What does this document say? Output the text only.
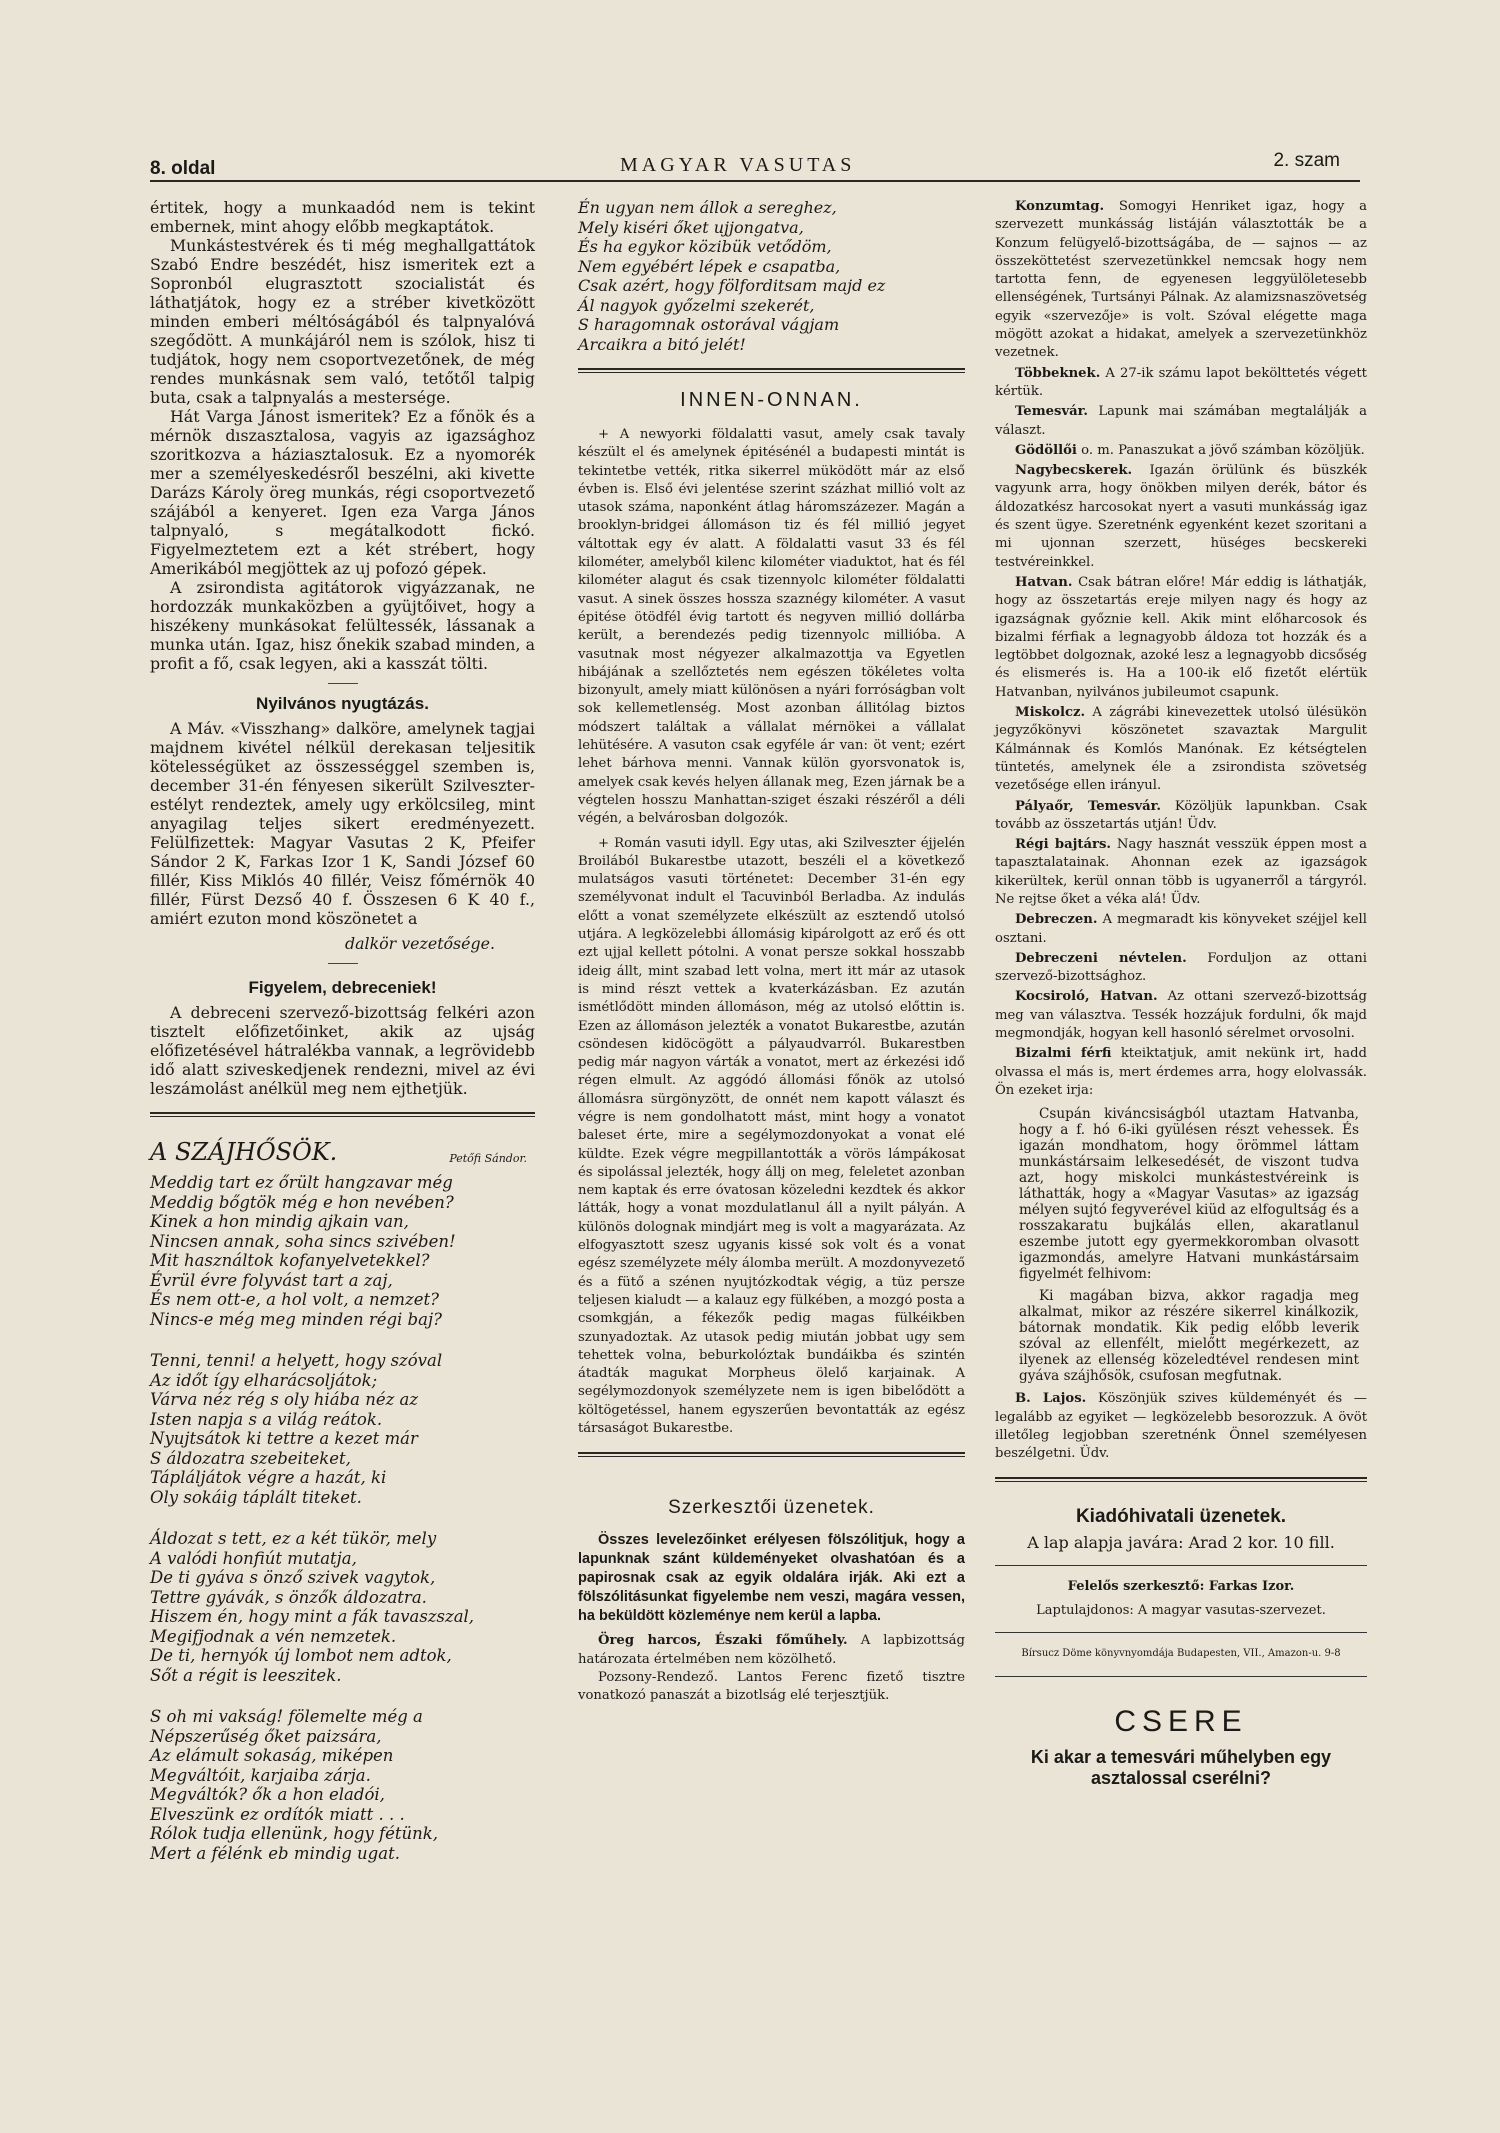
8. oldal	MAGYAR VASUTAS	2. szam

értitek, hogy a munkaadód nem is tekint embernek, mint ahogy előbb megkaptátok.

Munkástestvérek és ti még meghallgattátok Szabó Endre beszédét, hisz ismeritek ezt a Sopronból elugrasztott szocialistát és láthatjátok, hogy ez a stréber kivetközött minden emberi méltóságából és talpnyalóvá szegődött. A munkájáról nem is szólok, hisz ti tudjátok, hogy nem csoportvezetőnek, de még rendes munkásnak sem való, tetőtől talpig buta, csak a talpnyalás a mestersége.

Hát Varga Jánost ismeritek? Ez a főnök és a mérnök dıszasztalosa, vagyis az igazsághoz szoritkozva a háziasztalosuk. Ez a nyomorék mer a személyeskedésről beszélni, aki kivette Darázs Károly öreg munkás, régi csoportvezető szájából a kenyeret. Igen eza Varga János talpnyaló, s megátalkodott fickó. Figyelmeztetem ezt a két strébert, hogy Amerikából megjöttek az uj pofozó gépek.

A zsirondista agitátorok vigyázzanak, ne hordozzák munkaközben a gyüjtőivet, hogy a hiszékeny munkásokat felültessék, lássanak a munka után. Igaz, hisz őnekik szabad minden, a profit a fő, csak legyen, aki a kasszát tölti.

Nyilvános nyugtázás.

A Máv. «Visszhang» dalköre, amelynek tagjai majdnem kivétel nélkül derekasan teljesitik kötelességüket az összességgel szemben is, december 31-én fényesen sikerült Szilveszter-estélyt rendeztek, amely ugy erkölcsileg, mint anyagilag teljes sikert eredményezett. Felülfizettek: Magyar Vasutas 2 K, Pfeifer Sándor 2 K, Farkas Izor 1 K, Sandi József 60 fillér, Kiss Miklós 40 fillér, Veisz főmérnök 40 fillér, Fürst Dezső 40 f. Összesen 6 K 40 f., amiért ezuton mond köszönetet a

dalkör vezetősége.
Figyelem, debreceniek!

A debreceni szervező-bizottság felkéri azon tisztelt előfizetőinket, akik az ujság előfizetésével hátralékba vannak, a legrövidebb idő alatt sziveskedjenek rendezni, mivel az évi leszámolást anélkül meg nem ejthetjük.

A SZÁJHŐSÖK.	Petőfi Sándor.
Meddig tart ez őrült hangzavar még
Meddig bőgtök még e hon nevében?
Kinek a hon mindig ajkain van,
Nincsen annak, soha sincs szivében!
Mit használtok kofanyelvetekkel?
Évrül évre folyvást tart a zaj,
És nem ott-e, a hol volt, a nemzet?
Nincs-e még meg minden régi baj?
Tenni, tenni! a helyett, hogy szóval
Az időt így elharácsoljátok;
Várva néz rég s oly hiába néz az
Isten napja s a világ reátok.
Nyujtsátok ki tettre a kezet már
S áldozatra szebeiteket,
Tápláljátok végre a hazát, ki
Oly sokáig táplált titeket.
Áldozat s tett, ez a két tükör, mely
A valódi honfiút mutatja,
De ti gyáva s önző szivek vagytok,
Tettre gyávák, s önzők áldozatra.
Hiszem én, hogy mint a fák tavaszszal,
Megifjodnak a vén nemzetek.
De ti, hernyók új lombot nem adtok,
Sőt a régit is leeszitek.
S oh mi vakság! fölemelte még a
Népszerűség őket paizsára,
Az elámult sokaság, miképen
Megváltóit, karjaiba zárja.
Megváltók? ők a hon eladói,
Elveszünk ez ordítók miatt . . .
Rólok tudja ellenünk, hogy fétünk,
Mert a félénk eb mindig ugat.
Én ugyan nem állok a sereghez,
Mely kiséri őket ujjongatva,
És ha egykor közibük vetődöm,
Nem egyébért lépek e csapatba,
Csak azért, hogy fölforditsam majd ez
Ál nagyok győzelmi szekerét,
S haragomnak ostorával vágjam
Arcaikra a bitó jelét!
INNEN-ONNAN.

+ A newyorki földalatti vasut, amely csak tavaly készült el és amelynek épitésénél a budapesti mintát is tekintetbe vették, ritka sikerrel müködött már az első évben is. Első évi jelentése szerint százhat millió volt az utasok száma, naponként átlag háromszázezer. Magán a brooklyn-bridgei állomáson tiz és fél millió jegyet váltottak egy év alatt. A földalatti vasut 33 és fél kilométer, amelyből kilenc kilométer viaduktot, hat és fél kilométer alagut és csak tizennyolc kilométer földalatti vasut. A sinek összes hossza szaznégy kilométer. A vasut épitése ötödfél évig tartott és negyven millió dollárba került, a berendezés pedig tizennyolc millióba. A vasutnak most négyezer alkalmazottja va Egyetlen hibájának a szellőztetés nem egészen tökéletes volta bizonyult, amely miatt különösen a nyári forróságban volt sok kellemetlenség. Most azonban állitólag biztos módszert találtak a vállalat mérnökei a vállalat lehütésére. A vasuton csak egyféle ár van: öt vent; ezért lehet bárhova menni. Vannak külön gyorsvonatok is, amelyek csak kevés helyen állanak meg, Ezen járnak be a végtelen hosszu Manhattan-sziget északi részéről a déli végén, a belvárosban dolgozók.

+ Román vasuti idyll. Egy utas, aki Szilveszter éjjelén Broilából Bukarestbe utazott, beszéli el a következő mulatságos vasuti történetet: December 31-én egy személyvonat indult el Tacuvinból Berladba. Az indulás előtt a vonat személyzete elkészült az esztendő utolsó utjára. A legközelebbi állomásig kipárolgott az erő és ott ezt ujjal kellett pótolni. A vonat persze sokkal hosszabb ideig állt, mint szabad lett volna, mert itt már az utasok is mind részt vettek a kvaterkázásban. Ez azután ismétlődött minden állomáson, még az utolsó előttin is. Ezen az állomáson jelezték a vonatot Bukarestbe, azután csöndesen kidöcögött a pályaudvarról. Bukarestben pedig már nagyon várták a vonatot, mert az érkezési idő régen elmult. Az aggódó állomási főnök az utolsó állomásra sürgönyzött, de onnét nem kapott választ és végre is nem gondolhatott mást, mint hogy a vonatot baleset érte, mire a segélymozdonyokat a vonat elé küldte. Ezek végre megpillantották a vörös lámpákosat és sipolással jelezték, hogy állj on meg, feleletet azonban nem kaptak és erre óvatosan közeledni kezdtek és akkor látták, hogy a vonat mozdulatlanul áll a nyilt pályán. A különös dolognak mindjárt meg is volt a magyarázata. Az elfogyasztott szesz ugyanis kissé sok volt és a vonat egész személyzete mély álomba merült. A mozdonyvezető és a fütő a szénen nyujtózkodtak végig, a tüz persze teljesen kialudt — a kalauz egy fülkében, a mozgó posta a csomkgján, a fékezők pedig magas fülkéikben szunyadoztak. Az utasok pedig miután jobbat ugy sem tehettek volna, beburkolóztak bundáikba és szintén átadták magukat Morpheus ölelő karjainak. A segélymozdonyok személyzete nem is igen bibelődött a költögetéssel, hanem egyszerűen bevontatták az egész társaságot Bukarestbe.

Szerkesztői üzenetek.

Összes levelezőinket erélyesen fölszólitjuk, hogy a lapunknak szánt küldeményeket olvashatóan és a papirosnak csak az egyik oldalára irják. Aki ezt a fölszólitásunkat figyelembe nem veszi, magára vessen, ha beküldött közleménye nem kerül a lapba.

Öreg harcos, Északi főműhely. A lapbizottság határozata értelmében nem közölhető.

Pozsony-Rendező. Lantos Ferenc fizető tisztre vonatkozó panaszát a bizotlság elé terjesztjük.

Konzumtag. Somogyi Henriket igaz, hogy a szervezett munkásság listáján választották be a Konzum felügyelő-bizottságába, de — sajnos — az összeköttetést szervezetünkkel nemcsak hogy nem tartotta fenn, de egyenesen leggyülöletesebb ellenségének, Turtsányi Pálnak. Az alamizsnaszövetség egyik «szervezője» is volt. Szóval elégette maga mögött azokat a hidakat, amelyek a szervezetünkhöz vezetnek.

Többeknek. A 27-ik számu lapot bekölttetés végett kértük.

Temesvár. Lapunk mai számában megtalálják a választ.

Gödöllői o. m. Panaszukat a jövő számban közöljük.

Nagybecskerek. Igazán örülünk és büszkék vagyunk arra, hogy önökben milyen derék, bátor és áldozatkész harcosokat nyert a vasuti munkásság igaz és szent ügye. Szeretnénk egyenként kezet szoritani a mi ujonnan szerzett, hüséges becskereki testvéreinkkel.

Hatvan. Csak bátran előre! Már eddig is láthatják, hogy az összetartás ereje milyen nagy és hogy az igazságnak győznie kell. Akik mint előharcosok és bizalmi férfiak a legnagyobb áldoza tot hozzák és a legtöbbet dolgoznak, azoké lesz a legnagyobb dicsőség és elismerés is. Ha a 100-ik elő fizetőt elértük Hatvanban, nyilvános jubileumot csapunk.

Miskolcz. A zágrábi kinevezettek utolsó ülésükön jegyzőkönyvi köszönetet szavaztak Margulit Kálmánnak és Komlós Manónak. Ez kétségtelen tüntetés, amelynek éle a zsirondista szövetség vezetősége ellen irányul.

Pályaőr, Temesvár. Közöljük lapunkban. Csak tovább az összetartás utján! Üdv.

Régi bajtárs. Nagy hasznát vesszük éppen most a tapasztalatainak. Ahonnan ezek az igazságok kikerültek, kerül onnan több is ugyanerről a tárgyról. Ne rejtse őket a véka alá! Üdv.

Debreczen. A megmaradt kis könyveket széjjel kell osztani.

Debreczeni névtelen. Forduljon az ottani szervező-bizottsághoz.

Kocsiroló, Hatvan. Az ottani szervező-bizottság meg van választva. Tessék hozzájuk fordulni, ők majd megmondják, hogyan kell hasonló sérelmet orvosolni.

Bizalmi férfi kteiktatjuk, amit nekünk irt, hadd olvassa el más is, mert érdemes arra, hogy elolvassák. Ön ezeket irja:

Csupán kiváncsiságból utaztam Hatvanba, hogy a f. hó 6-iki gyülésen részt vehessek. És igazán mondhatom, hogy örömmel láttam munkástársaim lelkesedését, de viszont tudva azt, hogy miskolci munkástestvéreink is láthatták, hogy a «Magyar Vasutas» az igazság mélyen sujtó fegyverével kiüd az elfogultság és a rosszakaratu bujkálás ellen, akaratlanul eszembe jutott egy gyermekkoromban olvasott igazmondás, amelyre Hatvani munkástársaim figyelmét felhivom:
Ki magában bizva, akkor ragadja meg alkalmat, mikor az részére sikerrel kinálkozik, bátornak mondatik. Kik pedig előbb leverik szóval az ellenfélt, mielőtt megérkezett, az ilyenek az ellenség közeledtével rendesen mint gyáva szájhősök, csufosan megfutnak.

B. Lajos. Köszönjük szives küldeményét és — legalább az egyiket — legközelebb besorozzuk. A övöt illetőleg legjobban szeretnénk Önnel személyesen beszélgetni. Üdv.

Kiadóhivatali üzenetek.
A lap alapja javára: Arad 2 kor. 10 fill.
Felelős szerkesztő: Farkas Izor.
Laptulajdonos: A magyar vasutas-szervezet.
Bírsucz Döme könyvnyomdája Budapesten, VII., Amazon-u. 9-8
CSERE
Ki akar a temesvári műhelyben egy asztalossal cserélni?
